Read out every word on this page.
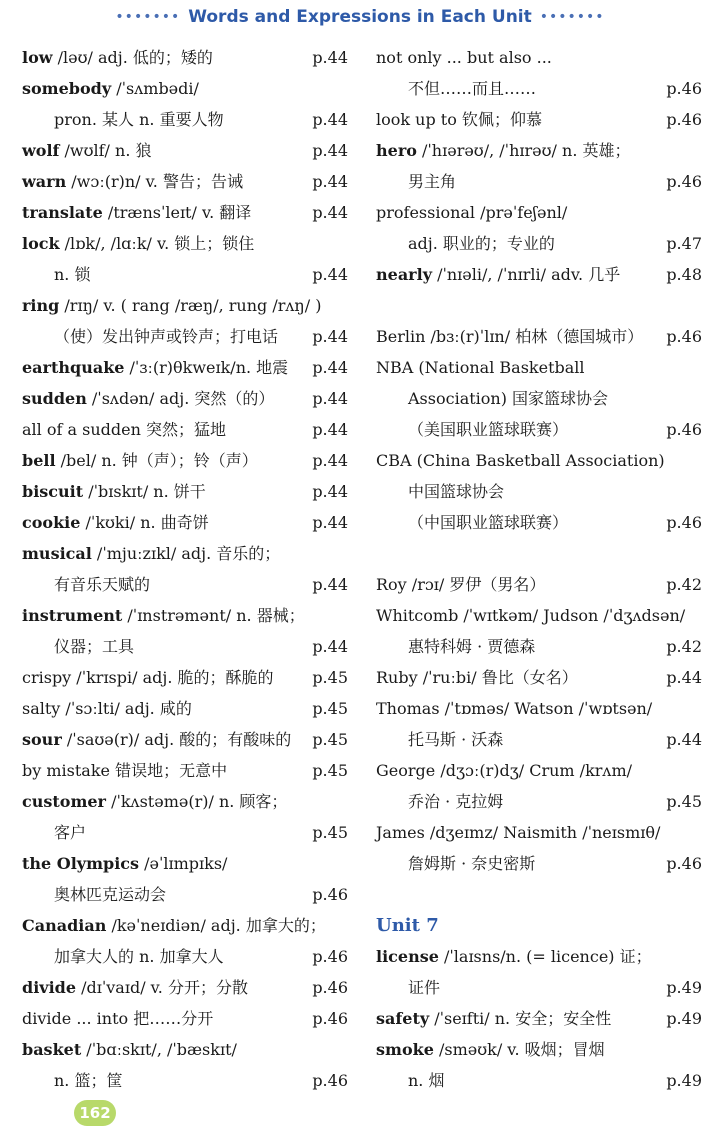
••••••• Words and Expressions in Each Unit •••••••
low /ləʊ/ adj. 低的；矮的	p.44
somebody /ˈsʌmbədi/
pron. 某人 n. 重要人物	p.44
wolf /wʊlf/ n. 狼	p.44
warn /wɔː(r)n/ v. 警告；告诫	p.44
translate /trænsˈleɪt/ v. 翻译	p.44
lock /lɒk/, /lɑːk/ v. 锁上；锁住
n. 锁	p.44
ring /rɪŋ/ v. ( rang /ræŋ/, rung /rʌŋ/ )
（使）发出钟声或铃声；打电话 p.44
earthquake /ˈɜː(r)θkweɪk/n. 地震 p.44
sudden /ˈsʌdən/ adj. 突然（的） p.44
all of a sudden 突然；猛地	p.44
bell /bel/ n. 钟（声）；铃（声）	p.44
biscuit /ˈbɪskɪt/ n. 饼干	p.44
cookie /ˈkʊki/ n. 曲奇饼	p.44
musical /ˈmjuːzɪkl/ adj. 音乐的；
有音乐天赋的	p.44
instrument /ˈɪnstrəmənt/ n. 器械；
仪器；工具	p.44
crispy /ˈkrɪspi/ adj. 脆的；酥脆的 p.45
salty /ˈsɔːlti/ adj. 咸的	p.45
sour /ˈsaʊə(r)/ adj. 酸的；有酸味的 p.45
by mistake 错误地；无意中	p.45
customer /ˈkʌstəmə(r)/ n. 顾客；
客户	p.45
the Olympics /əˈlɪmpɪks/
奥林匹克运动会	p.46
Canadian /kəˈneɪdiən/ adj. 加拿大的；
加拿大人的 n. 加拿大人	p.46
divide /dɪˈvaɪd/ v. 分开；分散	p.46
divide ... into 把……分开	p.46
basket /ˈbɑːskɪt/, /ˈbæskɪt/
n. 篮；筐	p.46
not only ... but also ...
不但……而且……	p.46
look up to 钦佩；仰慕	p.46
hero /ˈhɪərəʊ/, /ˈhɪrəʊ/ n. 英雄；
男主角	p.46
professional /prəˈfeʃənl/
adj. 职业的；专业的	p.47
nearly /ˈnɪəli/, /ˈnɪrli/ adv. 几乎	p.48
Berlin /bɜː(r)ˈlɪn/ 柏林（德国城市） p.46
NBA (National Basketball
Association) 国家篮球协会
（美国职业篮球联赛）	p.46
CBA (China Basketball Association)
中国篮球协会
（中国职业篮球联赛）	p.46
Roy /rɔɪ/ 罗伊（男名）	p.42
Whitcomb /ˈwɪtkəm/ Judson /ˈdʒʌdsən/
惠特科姆 · 贾德森	p.42
Ruby /ˈruːbi/ 鲁比（女名）	p.44
Thomas /ˈtɒməs/ Watson /ˈwɒtsən/
托马斯 · 沃森	p.44
George /dʒɔː(r)dʒ/ Crum /krʌm/
乔治 · 克拉姆	p.45
James /dʒeɪmz/ Naismith /ˈneɪsmɪθ/
詹姆斯 · 奈史密斯	p.46
Unit 7
license /ˈlaɪsns/n. (= licence) 证；
证件	p.49
safety /ˈseɪfti/ n. 安全；安全性	p.49
smoke /sməʊk/ v. 吸烟；冒烟
n. 烟	p.49
162
